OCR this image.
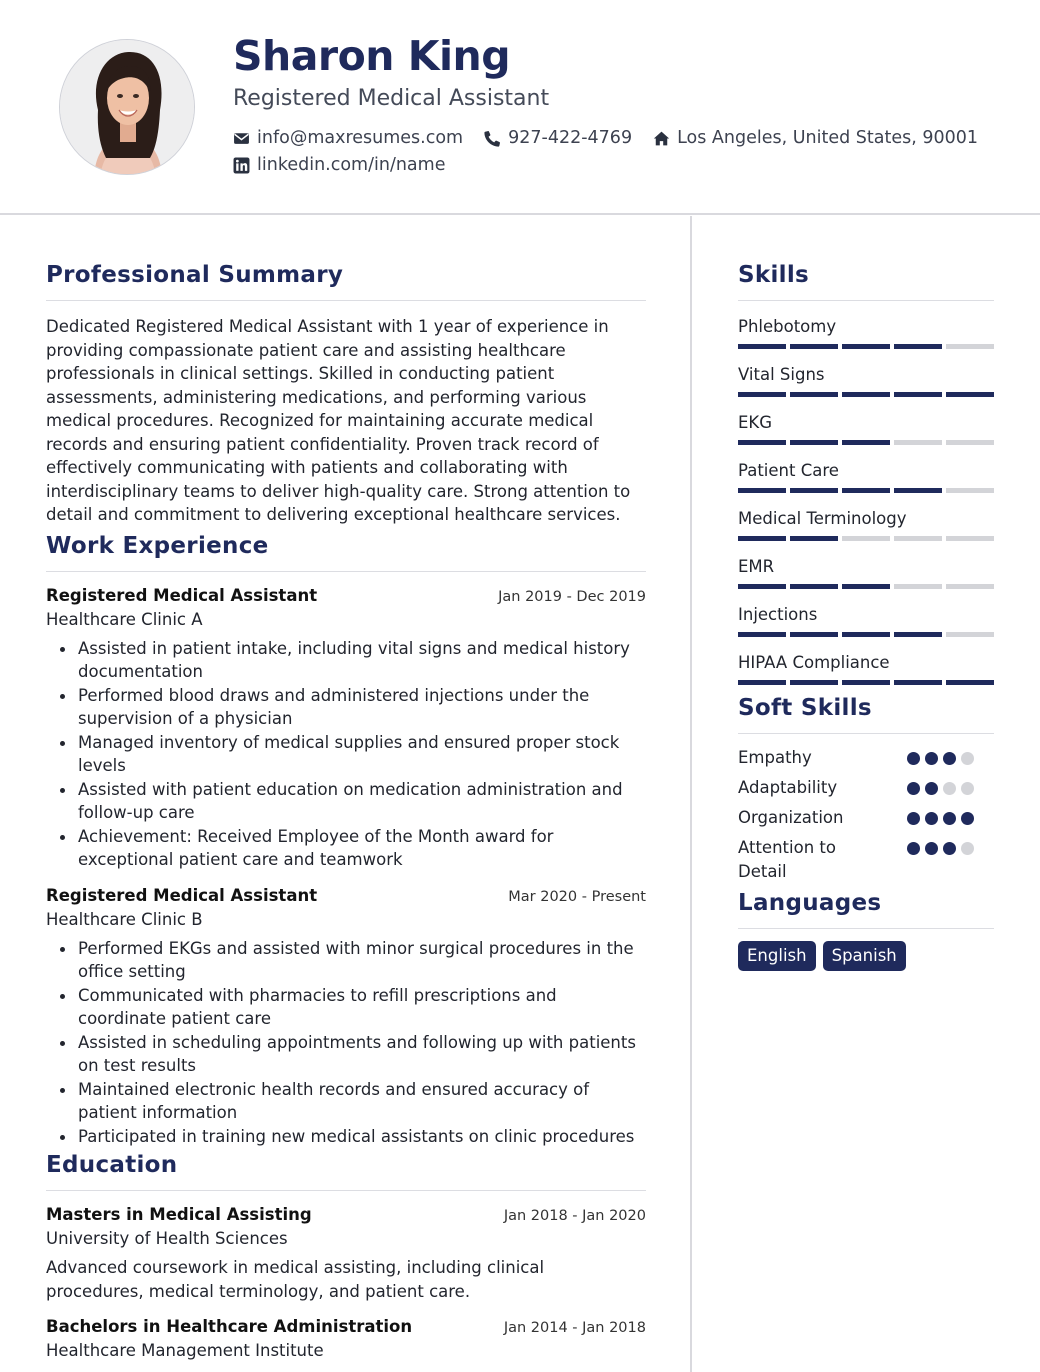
Sharon King
Registered Medical Assistant
info@maxresumes.com	927-422-4769	Los Angeles, United States, 90001
linkedin.com/in/name
Professional Summary

Dedicated Registered Medical Assistant with 1 year of experience in providing compassionate patient care and assisting healthcare professionals in clinical settings. Skilled in conducting patient assessments, administering medications, and performing various medical procedures. Recognized for maintaining accurate medical records and ensuring patient confidentiality. Proven track record of effectively communicating with patients and collaborating with interdisciplinary teams to deliver high-quality care. Strong attention to detail and commitment to delivering exceptional healthcare services.

Work Experience
Registered Medical Assistant	Jan 2019 - Dec 2019
Healthcare Clinic A
Assisted in patient intake, including vital signs and medical history documentation
Performed blood draws and administered injections under the supervision of a physician
Managed inventory of medical supplies and ensured proper stock levels
Assisted with patient education on medication administration and follow-up care
Achievement: Received Employee of the Month award for exceptional patient care and teamwork
Registered Medical Assistant	Mar 2020 - Present
Healthcare Clinic B
Performed EKGs and assisted with minor surgical procedures in the office setting
Communicated with pharmacies to refill prescriptions and coordinate patient care
Assisted in scheduling appointments and following up with patients on test results
Maintained electronic health records and ensured accuracy of patient information
Participated in training new medical assistants on clinic procedures
Education
Masters in Medical Assisting	Jan 2018 - Jan 2020
University of Health Sciences

Advanced coursework in medical assisting, including clinical procedures, medical terminology, and patient care.

Bachelors in Healthcare Administration	Jan 2014 - Jan 2018
Healthcare Management Institute
Skills
Phlebotomy
Vital Signs
EKG
Patient Care
Medical Terminology
EMR
Injections
HIPAA Compliance
Soft Skills
Empathy
Adaptability
Organization
Attention to Detail
Languages
English	Spanish
